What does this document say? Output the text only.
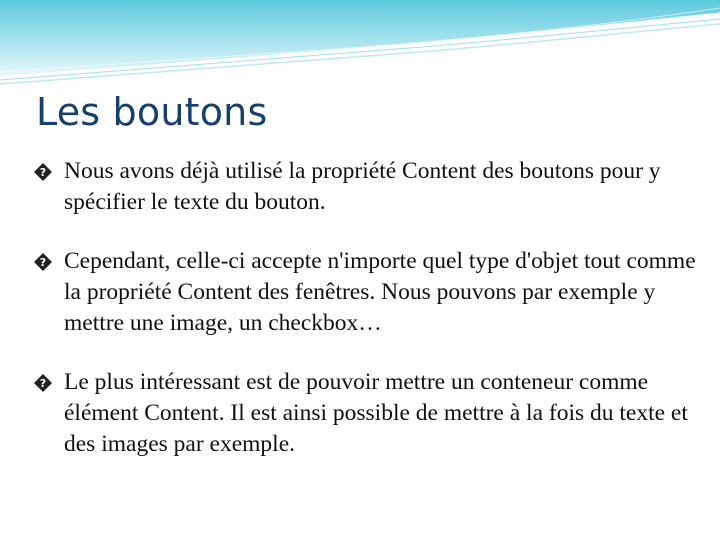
Les boutons
? Nous avons déjà utilisé la propriété Content des boutons pour y spécifier le texte du bouton.
? Cependant, celle-ci accepte n'importe quel type d'objet tout comme la propriété Content des fenêtres. Nous pouvons par exemple y mettre une image, un checkbox…
? Le plus intéressant est de pouvoir mettre un conteneur comme élément Content. Il est ainsi possible de mettre à la fois du texte et des images par exemple.
